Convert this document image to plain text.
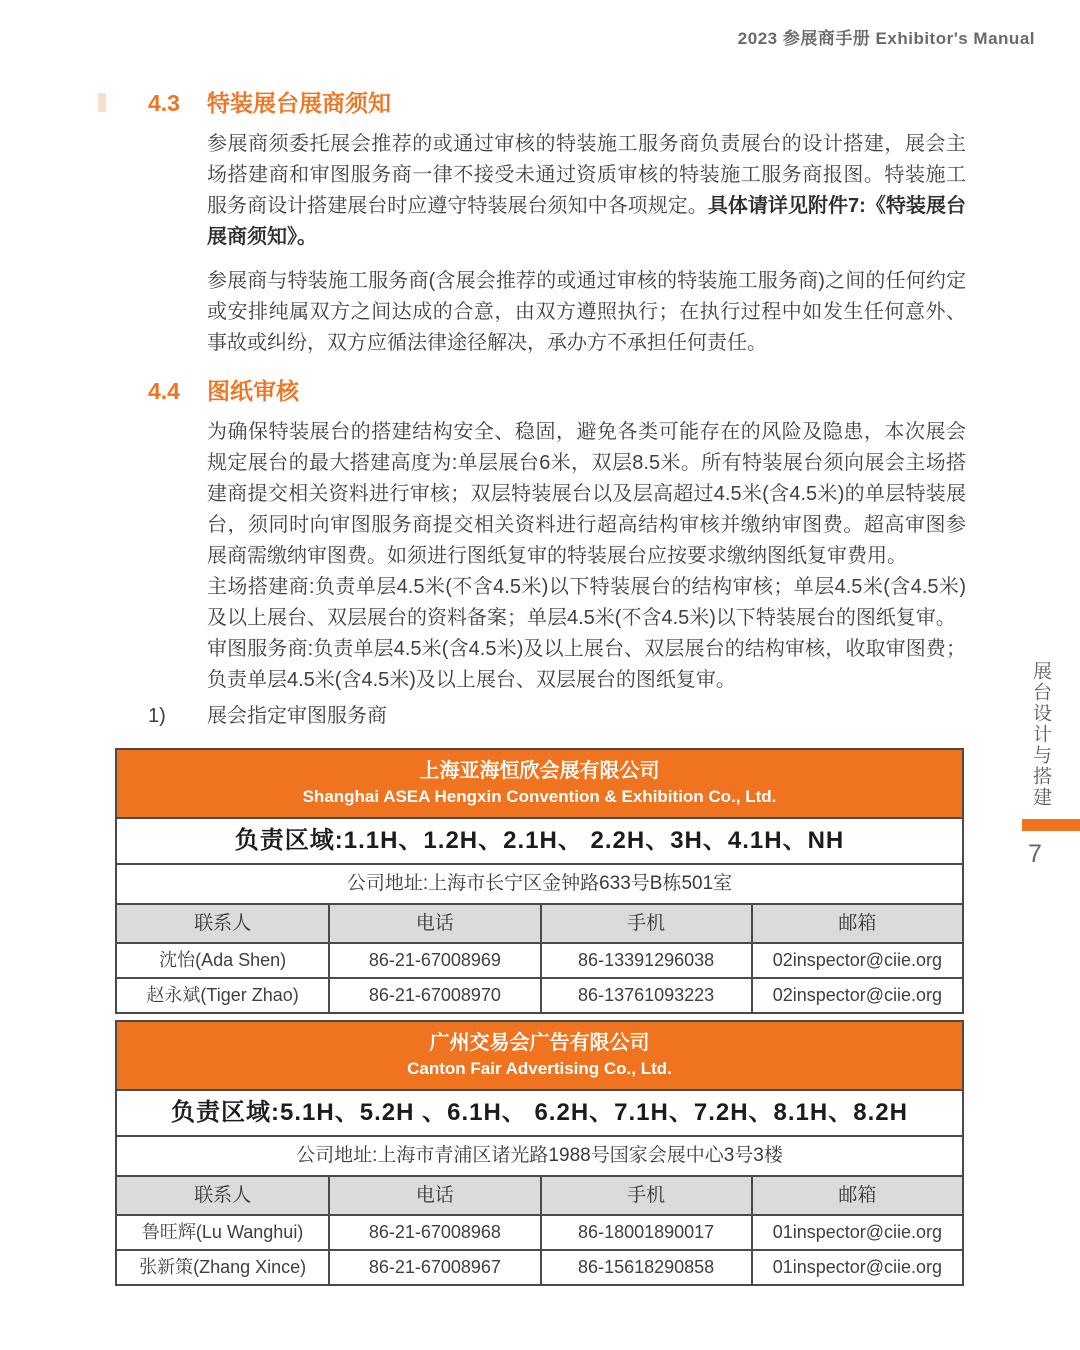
2023 参展商手册 Exhibitor's Manual
4.3	特装展台展商须知

参展商须委托展会推荐的或通过审核的特装施工服务商负责展台的设计搭建，展会主场搭建商和审图服务商一律不接受未通过资质审核的特装施工服务商报图。特装施工服务商设计搭建展台时应遵守特装展台须知中各项规定。具体请详见附件7:《特装展台展商须知》。

参展商与特装施工服务商(含展会推荐的或通过审核的特装施工服务商)之间的任何约定或安排纯属双方之间达成的合意，由双方遵照执行；在执行过程中如发生任何意外、事故或纠纷，双方应循法律途径解决，承办方不承担任何责任。

4.4	图纸审核

为确保特装展台的搭建结构安全、稳固，避免各类可能存在的风险及隐患，本次展会规定展台的最大搭建高度为:单层展台6米，双层8.5米。所有特装展台须向展会主场搭建商提交相关资料进行审核；双层特装展台以及层高超过4.5米(含4.5米)的单层特装展台，须同时向审图服务商提交相关资料进行超高结构审核并缴纳审图费。超高审图参展商需缴纳审图费。如须进行图纸复审的特装展台应按要求缴纳图纸复审费用。

主场搭建商:负责单层4.5米(不含4.5米)以下特装展台的结构审核；单层4.5米(含4.5米)及以上展台、双层展台的资料备案；单层4.5米(不含4.5米)以下特装展台的图纸复审。

审图服务商:负责单层4.5米(含4.5米)及以上展台、双层展台的结构审核，收取审图费；负责单层4.5米(含4.5米)及以上展台、双层展台的图纸复审。

1)	展会指定审图服务商
上海亚海恒欣会展有限公司
Shanghai ASEA Hengxin Convention & Exhibition Co., Ltd.
负责区域:1.1H、1.2H、2.1H、 2.2H、3H、4.1H、NH
公司地址:上海市长宁区金钟路633号B栋501室
联系人	电话	手机	邮箱
沈怡(Ada Shen)	86-21-67008969	86-13391296038	02inspector@ciie.org
赵永斌(Tiger Zhao)	86-21-67008970	86-13761093223	02inspector@ciie.org
广州交易会广告有限公司
Canton Fair Advertising Co., Ltd.
负责区域:5.1H、5.2H 、6.1H、 6.2H、7.1H、7.2H、8.1H、8.2H
公司地址:上海市青浦区诸光路1988号国家会展中心3号3楼
联系人	电话	手机	邮箱
鲁旺辉(Lu Wanghui)	86-21-67008968	86-18001890017	01inspector@ciie.org
张新策(Zhang Xince)	86-21-67008967	86-15618290858	01inspector@ciie.org
展台设计与搭建
7
